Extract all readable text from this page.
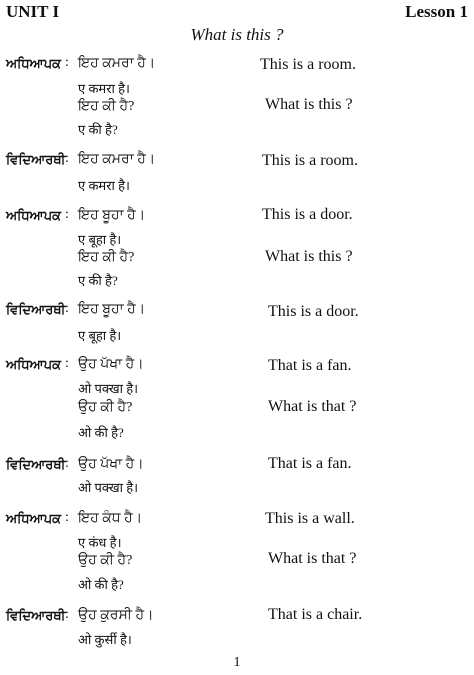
UNIT I	Lesson 1
What is this ?
ਅਧਿਆਪਕ : ਇਹ ਕਮਰਾ ਹੈ।	This is a room.
ए कमरा है।
ਇਹ ਕੀ ਹੈ?	What is this ?
ए की है?
ਵਿਦਿਆਰਥੀ : ਇਹ ਕਮਰਾ ਹੈ।	This is a room.
ए कमरा है।
ਅਧਿਆਪਕ : ਇਹ ਬੂਹਾ ਹੈ।	This is a door.
ए बूहा है।
ਇਹ ਕੀ ਹੈ?	What is this ?
ए की है?
ਵਿਦਿਆਰਥੀ : ਇਹ ਬੂਹਾ ਹੈ।	This is a door.
ए बूहा है।
ਅਧਿਆਪਕ : ਉਹ ਪੱਖਾ ਹੈ।	That is a fan.
ओ पक्खा है।
ਉਹ ਕੀ ਹੈ?	What is that ?
ओ की है?
ਵਿਦਿਆਰਥੀ : ਉਹ ਪੱਖਾ ਹੈ।	That is a fan.
ओ पक्खा है।
ਅਧਿਆਪਕ : ਇਹ ਕੰਧ ਹੈ।	This is a wall.
ए कंध है।
ਉਹ ਕੀ ਹੈ?	What is that ?
ओ की है?
ਵਿਦਿਆਰਥੀ : ਉਹ ਕੁਰਸੀ ਹੈ।	That is a chair.
ओ कुर्सी है।
1
